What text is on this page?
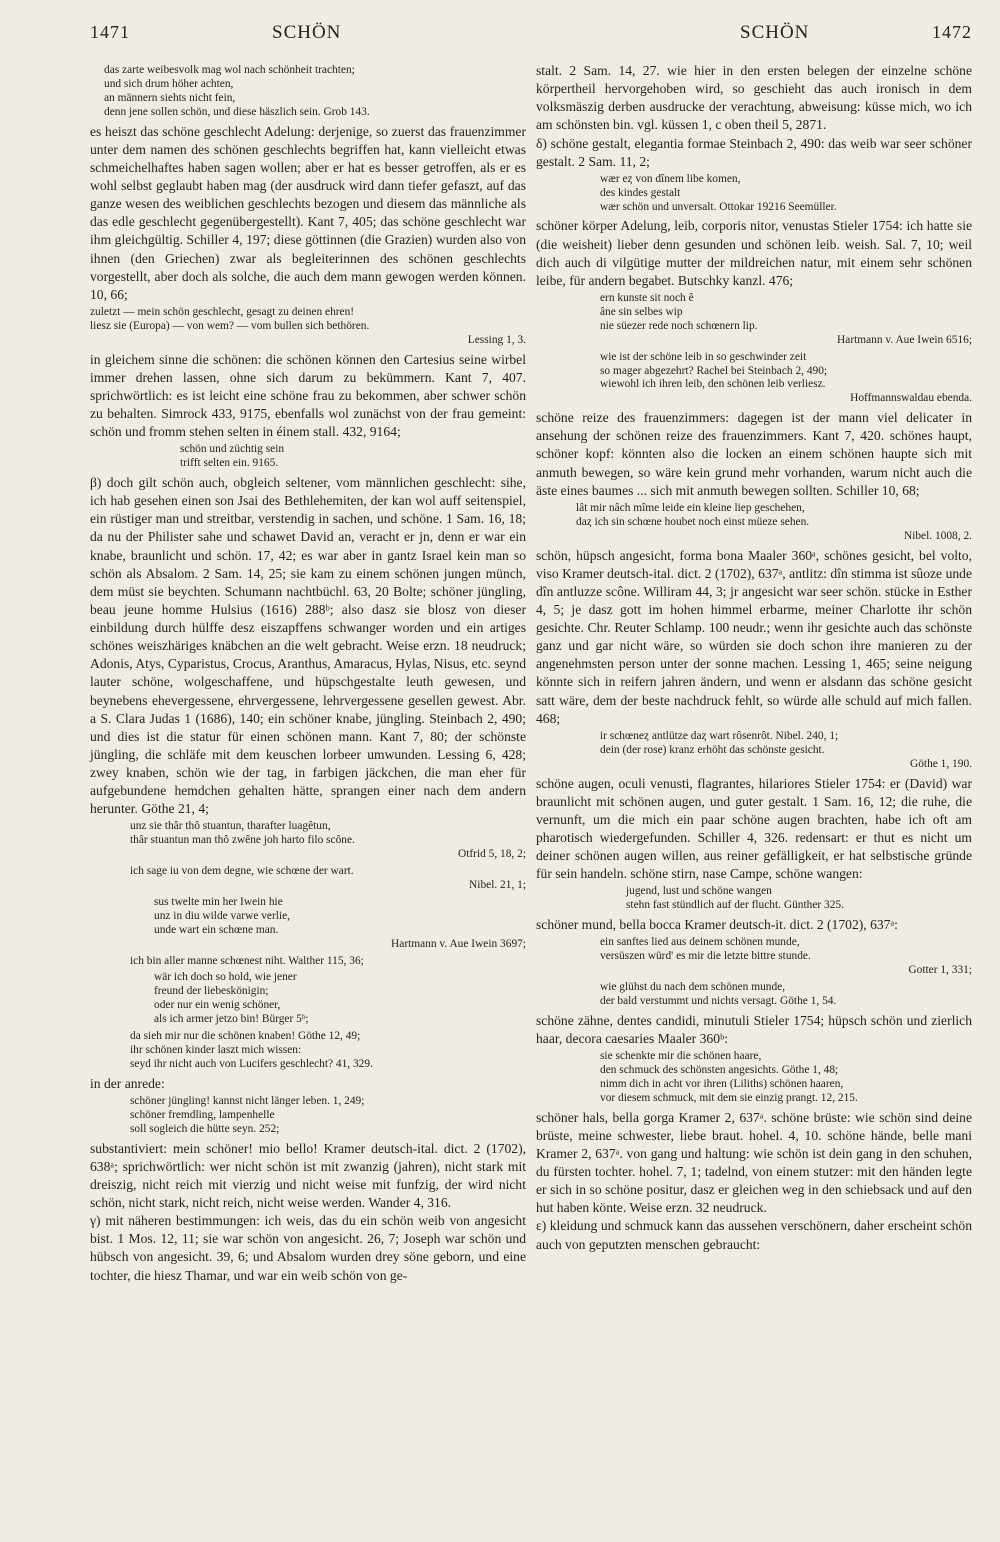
1471	SCHÖN	SCHÖN	1472
das zarte weibesvolk mag wol nach schönheit trachten;
und sich drum höher achten,
an männern siehts nicht fein,
denn jene sollen schön, und diese häszlich sein. Grob 143.

es heiszt das schöne geschlecht Adelung: derjenige, so zuerst das frauenzimmer unter dem namen des schönen geschlechts begriffen hat, kann vielleicht etwas schmeichelhaftes haben sagen wollen; aber er hat es besser getroffen, als er es wohl selbst geglaubt haben mag (der ausdruck wird dann tiefer gefaszt, auf das ganze wesen des weiblichen geschlechts bezogen und diesem das männliche als das edle geschlecht gegenübergestellt). Kant 7, 405; das schöne geschlecht war ihm gleichgültig. Schiller 4, 197; diese göttinnen (die Grazien) wurden also von ihnen (den Griechen) zwar als begleiterinnen des schönen geschlechts vorgestellt, aber doch als solche, die auch dem mann gewogen werden können. 10, 66;

zuletzt — mein schön geschlecht, gesagt zu deinen ehren!
liesz sie (Europa) — von wem? — vom bullen sich bethören.
Lessing 1, 3.

in gleichem sinne die schönen: die schönen können den Cartesius seine wirbel immer drehen lassen, ohne sich darum zu bekümmern. Kant 7, 407. sprichwörtlich: es ist leicht eine schöne frau zu bekommen, aber schwer schön zu behalten. Simrock 433, 9175, ebenfalls wol zunächst von der frau gemeint: schön und fromm stehen selten in éinem stall. 432, 9164;

schön und züchtig sein
trifft selten ein. 9165.

β) doch gilt schön auch, obgleich seltener, vom männlichen geschlecht: sihe, ich hab gesehen einen son Jsai des Bethlehemiten, der kan wol auff seitenspiel, ein rüstiger man und streitbar, verstendig in sachen, und schöne. 1 Sam. 16, 18; da nu der Philister sahe und schawet David an, veracht er jn, denn er war ein knabe, braunlicht und schön. 17, 42; es war aber in gantz Israel kein man so schön als Absalom. 2 Sam. 14, 25; sie kam zu einem schönen jungen münch, dem müst sie beychten. Schumann nachtbüchl. 63, 20 Bolte; schöner jüngling, beau jeune homme Hulsius (1616) 288ᵇ; also dasz sie blosz von dieser einbildung durch hülffe desz eiszapffens schwanger worden und ein artiges schönes weiszhäriges knäbchen an die welt gebracht. Weise erzn. 18 neudruck; Adonis, Atys, Cyparistus, Crocus, Aranthus, Amaracus, Hylas, Nisus, etc. seynd lauter schöne, wolgeschaffene, und hüpschgestalte leuth gewesen, und beynebens ehevergessene, ehrvergessene, lehrvergessene gesellen gewest. Abr. a S. Clara Judas 1 (1686), 140; ein schöner knabe, jüngling. Steinbach 2, 490; und dies ist die statur für einen schönen mann. Kant 7, 80; der schönste jüngling, die schläfe mit dem keuschen lorbeer umwunden. Lessing 6, 428; zwey knaben, schön wie der tag, in farbigen jäckchen, die man eher für aufgebundene hemdchen gehalten hätte, sprangen einer nach dem andern herunter. Göthe 21, 4;

unz sie thâr thô stuantun, tharafter luagêtun,
thâr stuantun man thô zwêne joh harto filo scône.
Otfrid 5, 18, 2;
ich sage iu von dem degne, wie schœne der wart.
Nibel. 21, 1;
sus twelte min her Iwein hie
unz in diu wilde varwe verlie,
unde wart ein schœne man.
Hartmann v. Aue Iwein 3697;
ich bin aller manne schœnest niht. Walther 115, 36;
wär ich doch so hold, wie jener
freund der liebeskönigin;
oder nur ein wenig schöner,
als ich armer jetzo bin! Bürger 5ᵇ;
da sieh mir nur die schönen knaben! Göthe 12, 49;
ihr schönen kinder laszt mich wissen:
seyd ihr nicht auch von Lucifers geschlecht? 41, 329.

in der anrede:

schöner jüngling! kannst nicht länger leben. 1, 249;
schöner fremdling, lampenhelle
soll sogleich die hütte seyn. 252;

substantiviert: mein schöner! mio bello! Kramer deutsch-ital. dict. 2 (1702), 638ᵃ; sprichwörtlich: wer nicht schön ist mit zwanzig (jahren), nicht stark mit dreiszig, nicht reich mit vierzig und nicht weise mit funfzig, der wird nicht schön, nicht stark, nicht reich, nicht weise werden. Wander 4, 316.

γ) mit näheren bestimmungen: ich weis, das du ein schön weib von angesicht bist. 1 Mos. 12, 11; sie war schön von angesicht. 26, 7; Joseph war schön und hübsch von angesicht. 39, 6; und Absalom wurden drey söne geborn, und eine tochter, die hiesz Thamar, und war ein weib schön von ge-

stalt. 2 Sam. 14, 27. wie hier in den ersten belegen der einzelne schöne körpertheil hervorgehoben wird, so geschieht das auch ironisch in dem volksmäszig derben ausdrucke der verachtung, abweisung: küsse mich, wo ich am schönsten bin. vgl. küssen 1, c oben theil 5, 2871.

δ) schöne gestalt, elegantia formae Steinbach 2, 490: das weib war seer schöner gestalt. 2 Sam. 11, 2;

wær eȥ von dînem libe komen,
des kindes gestalt
wær schön und unversalt. Ottokar 19216 Seemüller.

schöner körper Adelung, leib, corporis nitor, venustas Stieler 1754: ich hatte sie (die weisheit) lieber denn gesunden und schönen leib. weish. Sal. 7, 10; weil dich auch di vilgütige mutter der mildreichen natur, mit einem sehr schönen leibe, für andern begabet. Butschky kanzl. 476;

ern kunste sit noch ê
âne sin selbes wip
nie süezer rede noch schœnern lip.
Hartmann v. Aue Iwein 6516;
wie ist der schöne leib in so geschwinder zeit
so mager abgezehrt? Rachel bei Steinbach 2, 490;
wiewohl ich ihren leib, den schönen leib verliesz.
Hoffmannswaldau ebenda.

schöne reize des frauenzimmers: dagegen ist der mann viel delicater in ansehung der schönen reize des frauenzimmers. Kant 7, 420. schönes haupt, schöner kopf: könnten also die locken an einem schönen haupte sich mit anmuth bewegen, so wäre kein grund mehr vorhanden, warum nicht auch die äste eines baumes ... sich mit anmuth bewegen sollten. Schiller 10, 68;

lât mir nâch mîme leide ein kleine liep geschehen,
daȥ ich sin schœne houbet noch einst müeze sehen.
Nibel. 1008, 2.

schön, hüpsch angesicht, forma bona Maaler 360ᵃ, schönes gesicht, bel volto, viso Kramer deutsch-ital. dict. 2 (1702), 637ᵃ, antlitz: dîn stimma ist sûoze unde dîn antluzze scône. Williram 44, 3; jr angesicht war seer schön. stücke in Esther 4, 5; je dasz gott im hohen himmel erbarme, meiner Charlotte ihr schön gesichte. Chr. Reuter Schlamp. 100 neudr.; wenn ihr gesichte auch das schönste ganz und gar nicht wäre, so würden sie doch schon ihre manieren zu der angenehmsten person unter der sonne machen. Lessing 1, 465; seine neigung könnte sich in reifern jahren ändern, und wenn er alsdann das schöne gesicht satt wäre, dem der beste nachdruck fehlt, so würde alle schuld auf mich fallen. 468;

ir schœneȥ antlütze daȥ wart rôsenrôt. Nibel. 240, 1;
dein (der rose) kranz erhöht das schönste gesicht.
Göthe 1, 190.

schöne augen, oculi venusti, flagrantes, hilariores Stieler 1754: er (David) war braunlicht mit schönen augen, und guter gestalt. 1 Sam. 16, 12; die ruhe, die vernunft, um die mich ein paar schöne augen brachten, habe ich oft am pharotisch wiedergefunden. Schiller 4, 326. redensart: er thut es nicht um deiner schönen augen willen, aus reiner gefälligkeit, er hat selbstische gründe für sein handeln. schöne stirn, nase Campe, schöne wangen:

jugend, lust und schöne wangen
stehn fast stündlich auf der flucht. Günther 325.

schöner mund, bella bocca Kramer deutsch-it. dict. 2 (1702), 637ᵃ:

ein sanftes lied aus deinem schönen munde,
versüszen würd' es mir die letzte bittre stunde.
Gotter 1, 331;
wie glühst du nach dem schönen munde,
der bald verstummt und nichts versagt. Göthe 1, 54.

schöne zähne, dentes candidi, minutuli Stieler 1754; hüpsch schön und zierlich haar, decora caesaries Maaler 360ᵇ:

sie schenkte mir die schönen haare,
den schmuck des schönsten angesichts. Göthe 1, 48;
nimm dich in acht vor ihren (Liliths) schönen haaren,
vor diesem schmuck, mit dem sie einzig prangt. 12, 215.

schöner hals, bella gorga Kramer 2, 637ᵃ. schöne brüste: wie schön sind deine brüste, meine schwester, liebe braut. hohel. 4, 10. schöne hände, belle mani Kramer 2, 637ᵃ. von gang und haltung: wie schön ist dein gang in den schuhen, du fürsten tochter. hohel. 7, 1; tadelnd, von einem stutzer: mit den händen legte er sich in so schöne positur, dasz er gleichen weg in den schiebsack und auf den hut haben könte. Weise erzn. 32 neudruck.

ε) kleidung und schmuck kann das aussehen verschönern, daher erscheint schön auch von geputzten menschen gebraucht:
